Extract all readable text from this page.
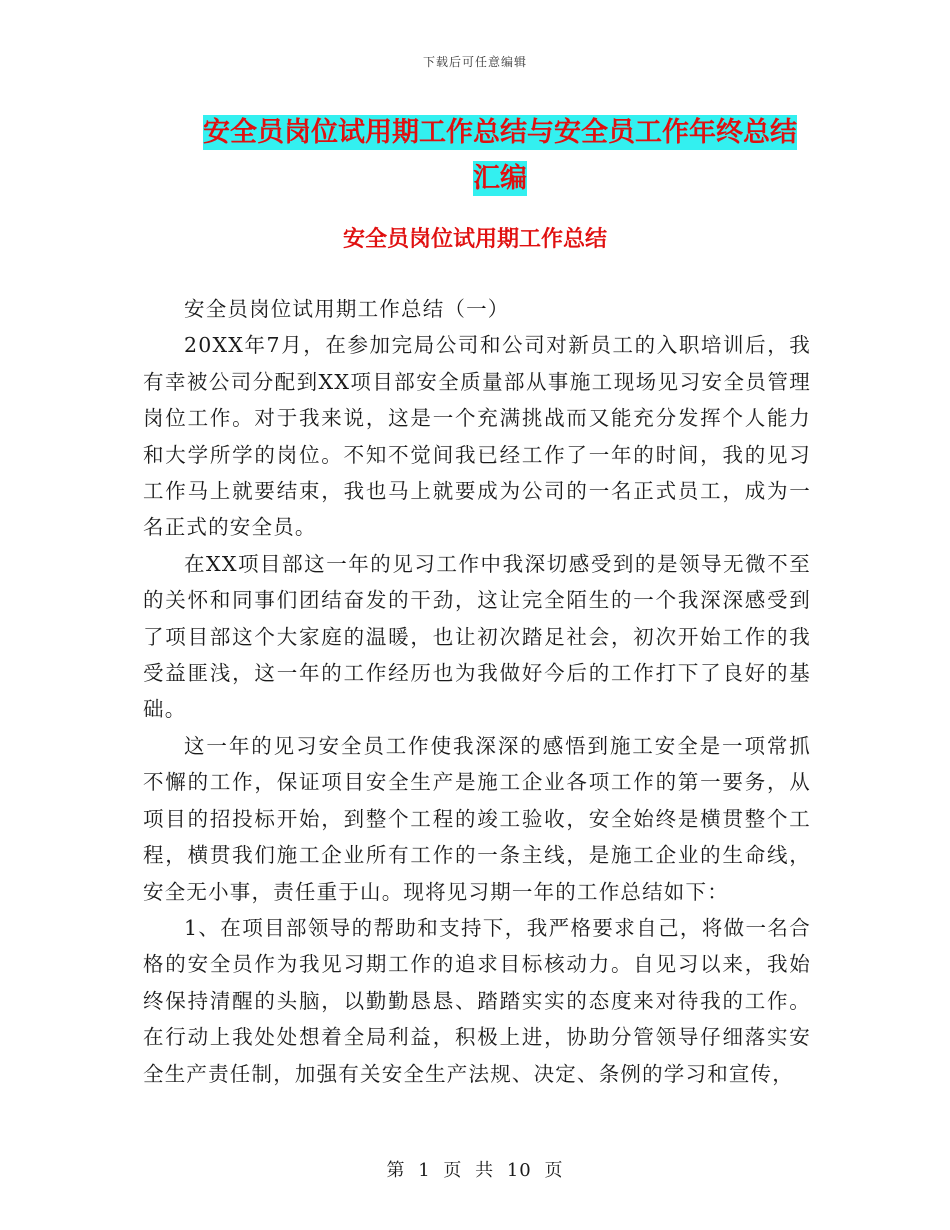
下载后可任意编辑
安全员岗位试用期工作总结与安全员工作年终总结汇编
安全员岗位试用期工作总结

安全员岗位试用期工作总结（一）

20XX年7月，在参加完局公司和公司对新员工的入职培训后，我有幸被公司分配到XX项目部安全质量部从事施工现场见习安全员管理岗位工作。对于我来说，这是一个充满挑战而又能充分发挥个人能力和大学所学的岗位。不知不觉间我已经工作了一年的时间，我的见习工作马上就要结束，我也马上就要成为公司的一名正式员工，成为一名正式的安全员。

在XX项目部这一年的见习工作中我深切感受到的是领导无微不至的关怀和同事们团结奋发的干劲，这让完全陌生的一个我深深感受到了项目部这个大家庭的温暖，也让初次踏足社会，初次开始工作的我受益匪浅，这一年的工作经历也为我做好今后的工作打下了良好的基础。

这一年的见习安全员工作使我深深的感悟到施工安全是一项常抓不懈的工作，保证项目安全生产是施工企业各项工作的第一要务，从项目的招投标开始，到整个工程的竣工验收，安全始终是横贯整个工程，横贯我们施工企业所有工作的一条主线，是施工企业的生命线，安全无小事，责任重于山。现将见习期一年的工作总结如下：

1、在项目部领导的帮助和支持下，我严格要求自己，将做一名合格的安全员作为我见习期工作的追求目标核动力。自见习以来，我始终保持清醒的头脑，以勤勤恳恳、踏踏实实的态度来对待我的工作。在行动上我处处想着全局利益，积极上进，协助分管领导仔细落实安全生产责任制，加强有关安全生产法规、决定、条例的学习和宣传，

第 1 页 共 10 页
